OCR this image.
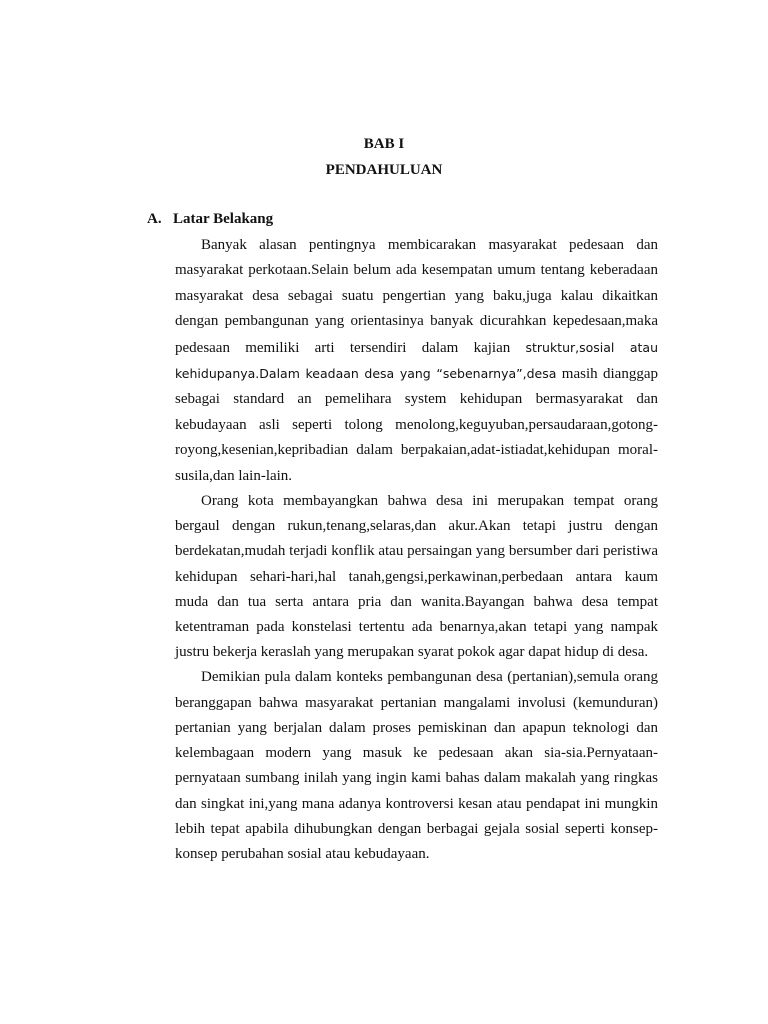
BAB I
PENDAHULUAN
A. Latar Belakang

Banyak alasan pentingnya membicarakan masyarakat pedesaan dan masyarakat perkotaan.Selain belum ada kesempatan umum tentang keberadaan masyarakat desa sebagai suatu pengertian yang baku,juga kalau dikaitkan dengan pembangunan yang orientasinya banyak dicurahkan kepedesaan,maka pedesaan memiliki arti tersendiri dalam kajian struktur,sosial atau kehidupanya.Dalam keadaan desa yang “sebenarnya”,desa masih dianggap sebagai standard an pemelihara system kehidupan bermasyarakat dan kebudayaan asli seperti tolong menolong,keguyuban,persaudaraan,gotong-royong,kesenian,kepribadian dalam berpakaian,adat-istiadat,kehidupan moral-susila,dan lain-lain.

Orang kota membayangkan bahwa desa ini merupakan tempat orang bergaul dengan rukun,tenang,selaras,dan akur.Akan tetapi justru dengan berdekatan,mudah terjadi konflik atau persaingan yang bersumber dari peristiwa kehidupan sehari-hari,hal tanah,gengsi,perkawinan,perbedaan antara kaum muda dan tua serta antara pria dan wanita.Bayangan bahwa desa tempat ketentraman pada konstelasi tertentu ada benarnya,akan tetapi yang nampak justru bekerja keraslah yang merupakan syarat pokok agar dapat hidup di desa.

Demikian pula dalam konteks pembangunan desa (pertanian),semula orang beranggapan bahwa masyarakat pertanian mangalami involusi (kemunduran) pertanian yang berjalan dalam proses pemiskinan dan apapun teknologi dan kelembagaan modern yang masuk ke pedesaan akan sia-sia.Pernyataan-pernyataan sumbang inilah yang ingin kami bahas dalam makalah yang ringkas dan singkat ini,yang mana adanya kontroversi kesan atau pendapat ini mungkin lebih tepat apabila dihubungkan dengan berbagai gejala sosial seperti konsep-konsep perubahan sosial atau kebudayaan.
